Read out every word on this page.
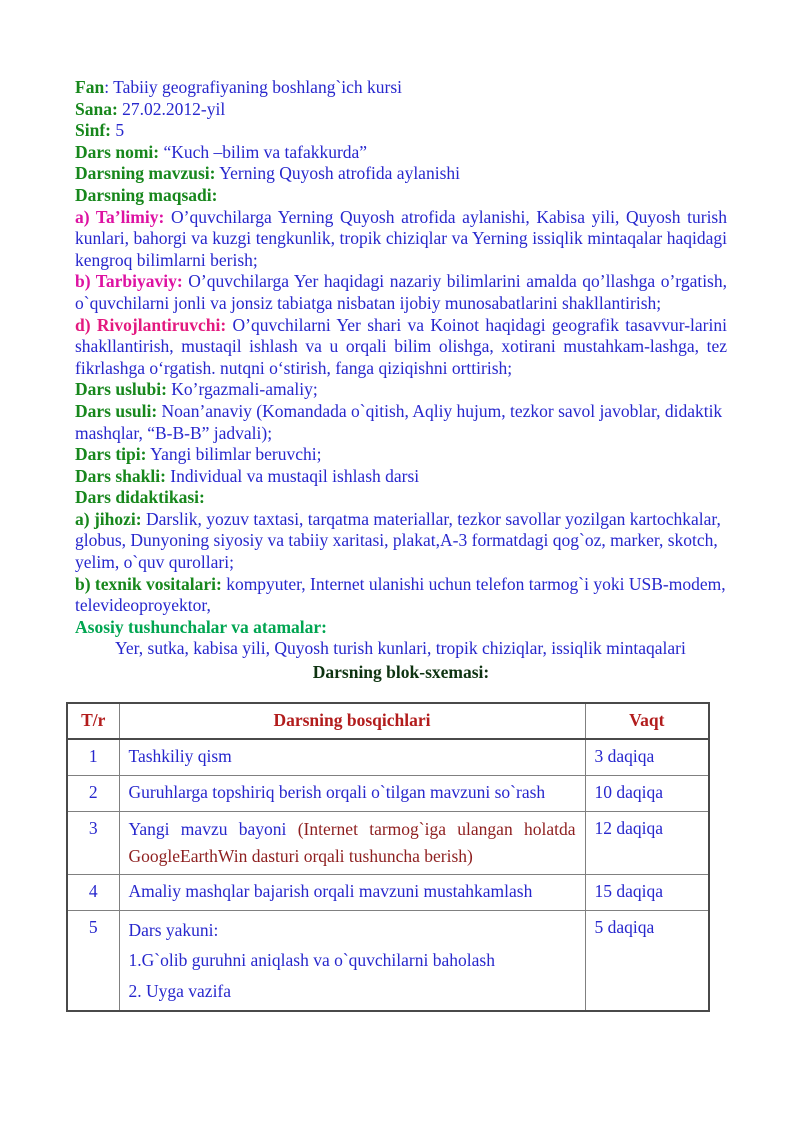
Fan: Tabiiy geografiyaning boshlang`ich kursi
Sana: 27.02.2012-yil
Sinf: 5
Dars nomi: “Kuch –bilim va tafakkurda”
Darsning mavzusi: Yerning Quyosh atrofida aylanishi
Darsning maqsadi:
a) Ta’limiy: O’quvchilarga Yerning Quyosh atrofida aylanishi, Kabisa yili, Quyosh turish kunlari, bahorgi va kuzgi tengkunlik, tropik chiziqlar va Yerning issiqlik mintaqalar haqidagi kengroq bilimlarni berish;
b) Tarbiyaviy: O’quvchilarga Yer haqidagi nazariy bilimlarini amalda qo’llashga o’rgatish, o`quvchilarni jonli va jonsiz tabiatga nisbatan ijobiy munosabatlarini shakllantirish;
d) Rivojlantiruvchi: O’quvchilarni Yer shari va Koinot haqidagi geografik tasavvur-larini shakllantirish, mustaqil ishlash va u orqali bilim olishga, xotirani mustahkam-lashga, tez fikrlashga o‘rgatish. nutqni o‘stirish, fanga qiziqishni orttirish;
Dars uslubi: Ko’rgazmali-amaliy;
Dars usuli: Noan’anaviy (Komandada o`qitish, Aqliy hujum, tezkor savol javoblar, didaktik mashqlar, “B-B-B” jadvali);
Dars tipi: Yangi bilimlar beruvchi;
Dars shakli: Individual va mustaqil ishlash darsi
Dars didaktikasi:
a) jihozi: Darslik, yozuv taxtasi, tarqatma materiallar, tezkor savollar yozilgan kartochkalar, globus, Dunyoning siyosiy va tabiiy xaritasi, plakat,A-3 formatdagi qog`oz, marker, skotch, yelim, o`quv qurollari;
b) texnik vositalari: kompyuter, Internet ulanishi uchun telefon tarmog`i yoki USB-modem, televideoproyektor,
Asosiy tushunchalar va atamalar:
Yer, sutka, kabisa yili, Quyosh turish kunlari, tropik chiziqlar, issiqlik mintaqalari
Darsning blok-sxemasi:
T/r	Darsning bosqichlari	Vaqt
1	Tashkiliy qism	3 daqiqa
2	Guruhlarga topshiriq berish orqali o`tilgan mavzuni so`rash	10 daqiqa
3	Yangi mavzu bayoni (Internet tarmog`iga ulangan holatda GoogleEarthWin dasturi orqali tushuncha berish)	12 daqiqa
4	Amaliy mashqlar bajarish orqali mavzuni mustahkamlash	15 daqiqa
5	Dars yakuni:
1.G`olib guruhni aniqlash va o`quvchilarni baholash
2. Uyga vazifa	5 daqiqa
